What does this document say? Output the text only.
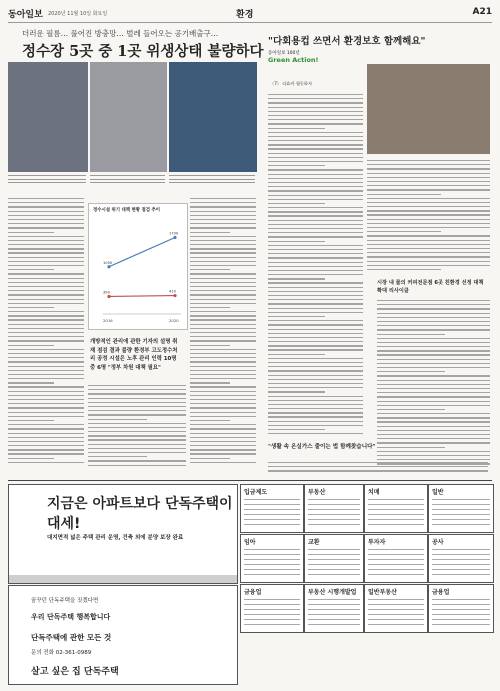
동아일보 2020년 11월 10일 화요일	환경	A21
더러운 필름… 풀어진 방충망… 벌레 들어오는 공기배출구…
정수장 5곳 중 1곳 위생상태 불량하다
정수시설 위기 대책 현황 점검 추이
1050
1700
2016	2020
390	410
개방적인 관리에 관한 기자의 설명 취재 점검 결과 불량 환경부 고도정수처리 공정 시설은 노후 관리 인력 10명 중 6명 "정부 차원 대책 필요"
"다회용컵 쓰면서 환경보호 함께해요"
동아일보 100년
Green Action!
〈7〉 다효카 협동하자
시장 내 물의 커피전문점 6곳 친환경 선정 대책 확대 리사이클
"생활 속 온실가스 줄이는 법 함께찾습니다"
지금은 아파트보다 단독주택이 대세!
대지면적 넓은 주택 관리 운영, 건축 외에 분양 보장 완료
꿈꾸던 단독주택을 짓겠다면
우리 단독주택 행복합니다
단독주택에 관한 모든 것
문의 전화 02-361-0989
살고 싶은 집 단독주택
입금제도	부동산	치매	일반
임아	교환	투자자	공사
금융업	부동산 시행개발업 일반부동산	금용업
